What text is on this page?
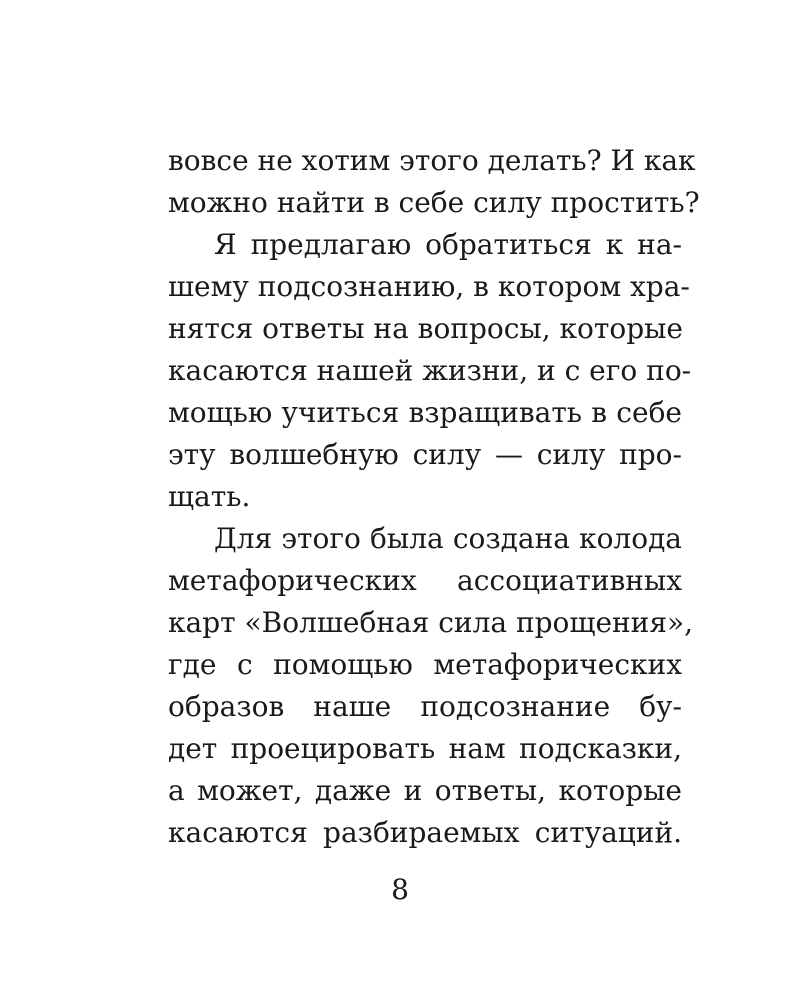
вовсе не хотим этого делать? И как
можно найти в себе силу простить?
Я предлагаю обратиться к на-
шему подсознанию, в котором хра-
нятся ответы на вопросы, которые
касаются нашей жизни, и с его по-
мощью учиться взращивать в себе
эту волшебную силу — силу про-
щать.
Для этого была создана колода
метафорических ассоциативных
карт «Волшебная сила прощения»,
где с помощью метафорических
образов наше подсознание бу-
дет проецировать нам подсказки,
а может, даже и ответы, которые
касаются разбираемых ситуаций.
8
